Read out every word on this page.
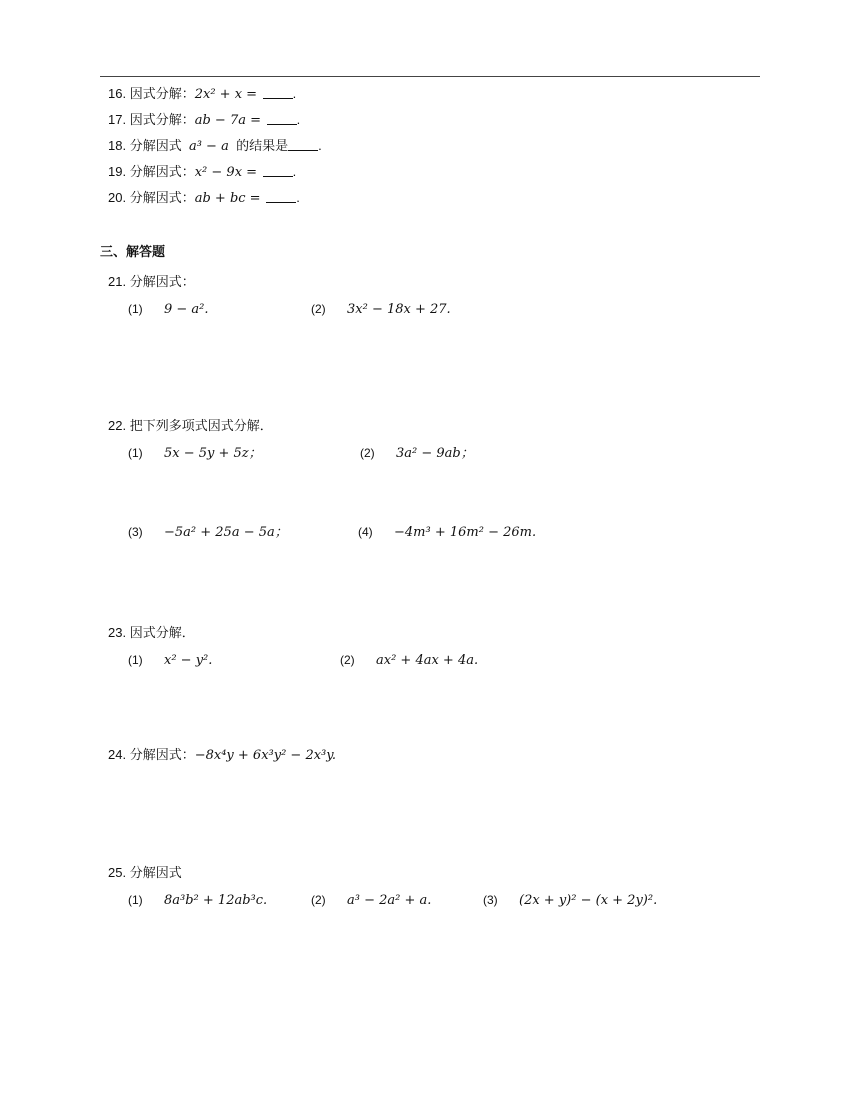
16. 因式分解：2x² + x =	.
17. 因式分解：ab − 7a =	.
18. 分解因式 a³ − a 的结果是 .
19. 分解因式：x² − 9x =	.
20. 分解因式：ab + bc =	.
三、解答题
21. 分解因式：
(1) 9 − a².	(2) 3x² − 18x + 27.
22. 把下列多项式因式分解．
(1) 5x − 5y + 5z；	(2) 3a² − 9ab；
(3) −5a² + 25a − 5a；	(4) −4m³ + 16m² − 26m.
23. 因式分解．
(1) x² − y².	(2) ax² + 4ax + 4a.
24. 分解因式：−8x⁴y + 6x³y² − 2x³y.
25. 分解因式
(1) 8a³b² + 12ab³c.	(2) a³ − 2a² + a.	(3) (2x + y)² − (x + 2y)².
